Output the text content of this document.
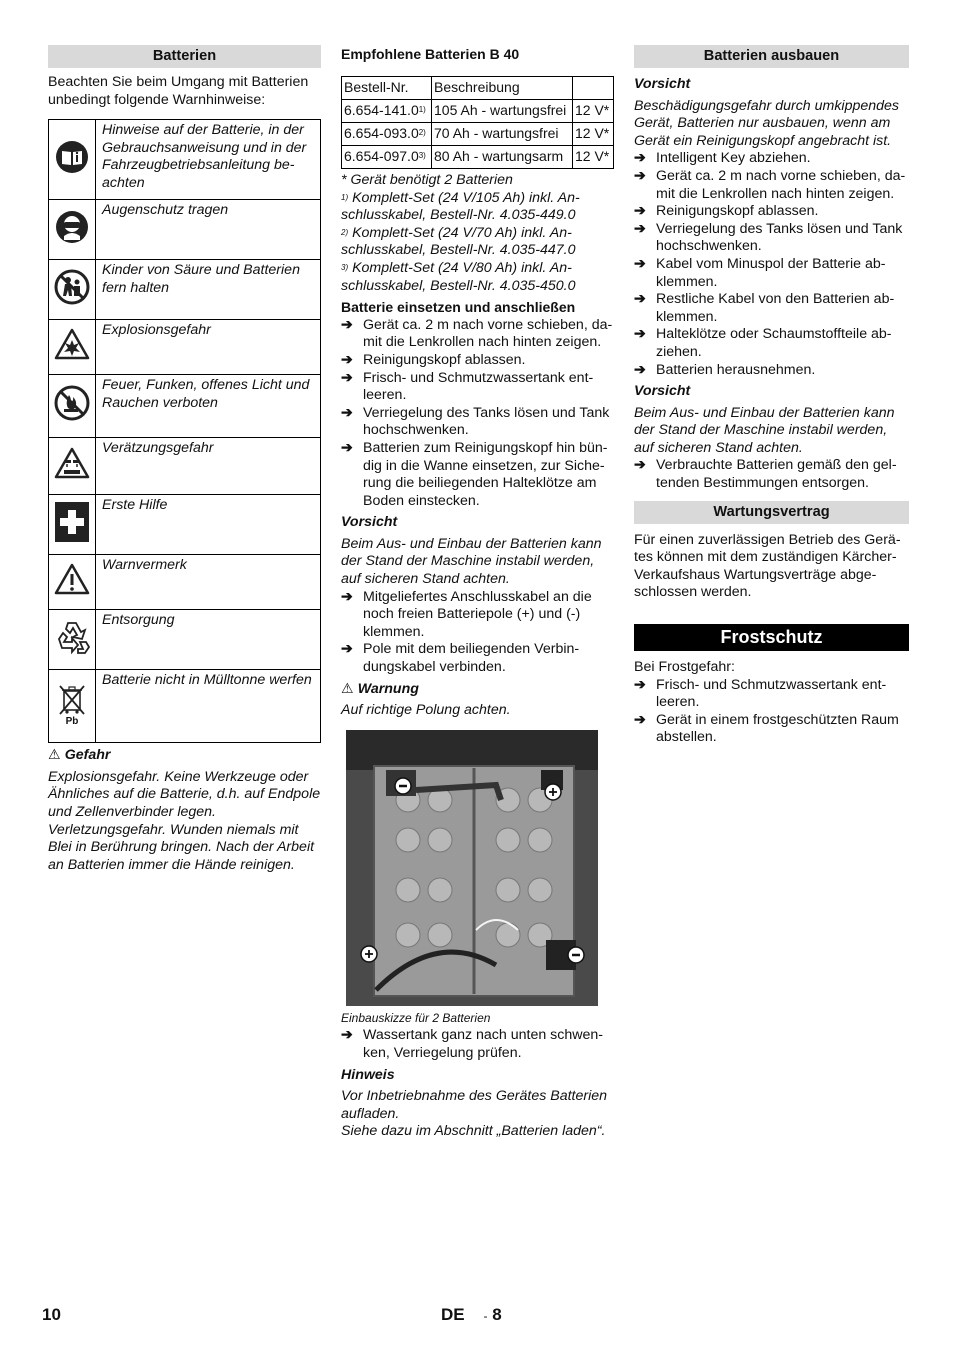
Batterien

Beachten Sie beim Umgang mit Batterien unbedingt folgende Warnhinweise:

	Hinweise auf der Batterie, in der Gebrauchsanweisung und in der Fahrzeugbetriebsanleitung be-achten
	Augenschutz tragen
	Kinder von Säure und Batterien fern halten
	Explosionsgefahr
	Feuer, Funken, offenes Licht und Rauchen verboten
	Verätzungsgefahr
	Erste Hilfe
	Warnvermerk
	Entsorgung

Pb	Batterie nicht in Mülltonne werfen

⚠ Gefahr

Explosionsgefahr. Keine Werkzeuge oder Ähnliches auf die Batterie, d.h. auf Endpole und Zellenverbinder legen.

Verletzungsgefahr. Wunden niemals mit Blei in Berührung bringen. Nach der Arbeit an Batterien immer die Hände reinigen.

Empfohlene Batterien B 40

Bestell-Nr.	Beschreibung	
6.654-141.0$^{1)}$	105 Ah - wartungsfrei	12 V*
6.654-093.0$^{2)}$	70 Ah - wartungsfrei	12 V*
6.654-097.0$^{3)}$	80 Ah - wartungsarm	12 V*

* Gerät benötigt 2 Batterien

$^{1)}$ Komplett-Set (24 V/105 Ah) inkl. An-schlusskabel, Bestell-Nr. 4.035-449.0

$^{2)}$ Komplett-Set (24 V/70 Ah) inkl. An-schlusskabel, Bestell-Nr. 4.035-447.0

$^{3)}$ Komplett-Set (24 V/80 Ah) inkl. An-schlusskabel, Bestell-Nr. 4.035-450.0

Batterie einsetzen und anschließen

➔ Gerät ca. 2 m nach vorne schieben, da-mit die Lenkrollen nach hinten zeigen.
➔ Reinigungskopf ablassen.
➔ Frisch- und Schmutzwassertank ent-leeren.
➔ Verriegelung des Tanks lösen und Tank hochschwenken.
➔ Batterien zum Reinigungskopf hin bün-dig in die Wanne einsetzen, zur Siche-rung die beiliegenden Halteklötze am Boden einstecken.

Vorsicht

Beim Aus- und Einbau der Batterien kann der Stand der Maschine instabil werden, auf sicheren Stand achten.

➔ Mitgeliefertes Anschlusskabel an die noch freien Batteriepole (+) und (-) klemmen.
➔ Pole mit dem beiliegenden Verbin-dungskabel verbinden.

⚠ Warnung

Auf richtige Polung achten.

Einbauskizze für 2 Batterien

➔ Wassertank ganz nach unten schwen-ken, Verriegelung prüfen.

Hinweis

Vor Inbetriebnahme des Gerätes Batterien aufladen.

Siehe dazu im Abschnitt „Batterien laden“.

Batterien ausbauen

Vorsicht

Beschädigungsgefahr durch umkippendes Gerät, Batterien nur ausbauen, wenn am Gerät ein Reinigungskopf angebracht ist.

➔ Intelligent Key abziehen.
➔ Gerät ca. 2 m nach vorne schieben, da-mit die Lenkrollen nach hinten zeigen.
➔ Reinigungskopf ablassen.
➔ Verriegelung des Tanks lösen und Tank hochschwenken.
➔ Kabel vom Minuspol der Batterie ab-klemmen.
➔ Restliche Kabel von den Batterien ab-klemmen.
➔ Halteklötze oder Schaumstoffteile ab-ziehen.
➔ Batterien herausnehmen.

Vorsicht

Beim Aus- und Einbau der Batterien kann der Stand der Maschine instabil werden, auf sicheren Stand achten.

➔ Verbrauchte Batterien gemäß den gel-tenden Bestimmungen entsorgen.
Wartungsvertrag

Für einen zuverlässigen Betrieb des Gerä-tes können mit dem zuständigen Kärcher-Verkaufshaus Wartungsverträge abge-schlossen werden.

Frostschutz

Bei Frostgefahr:

➔ Frisch- und Schmutzwassertank ent-leeren.
➔ Gerät in einem frostgeschützten Raum abstellen.
10	DE - 8
